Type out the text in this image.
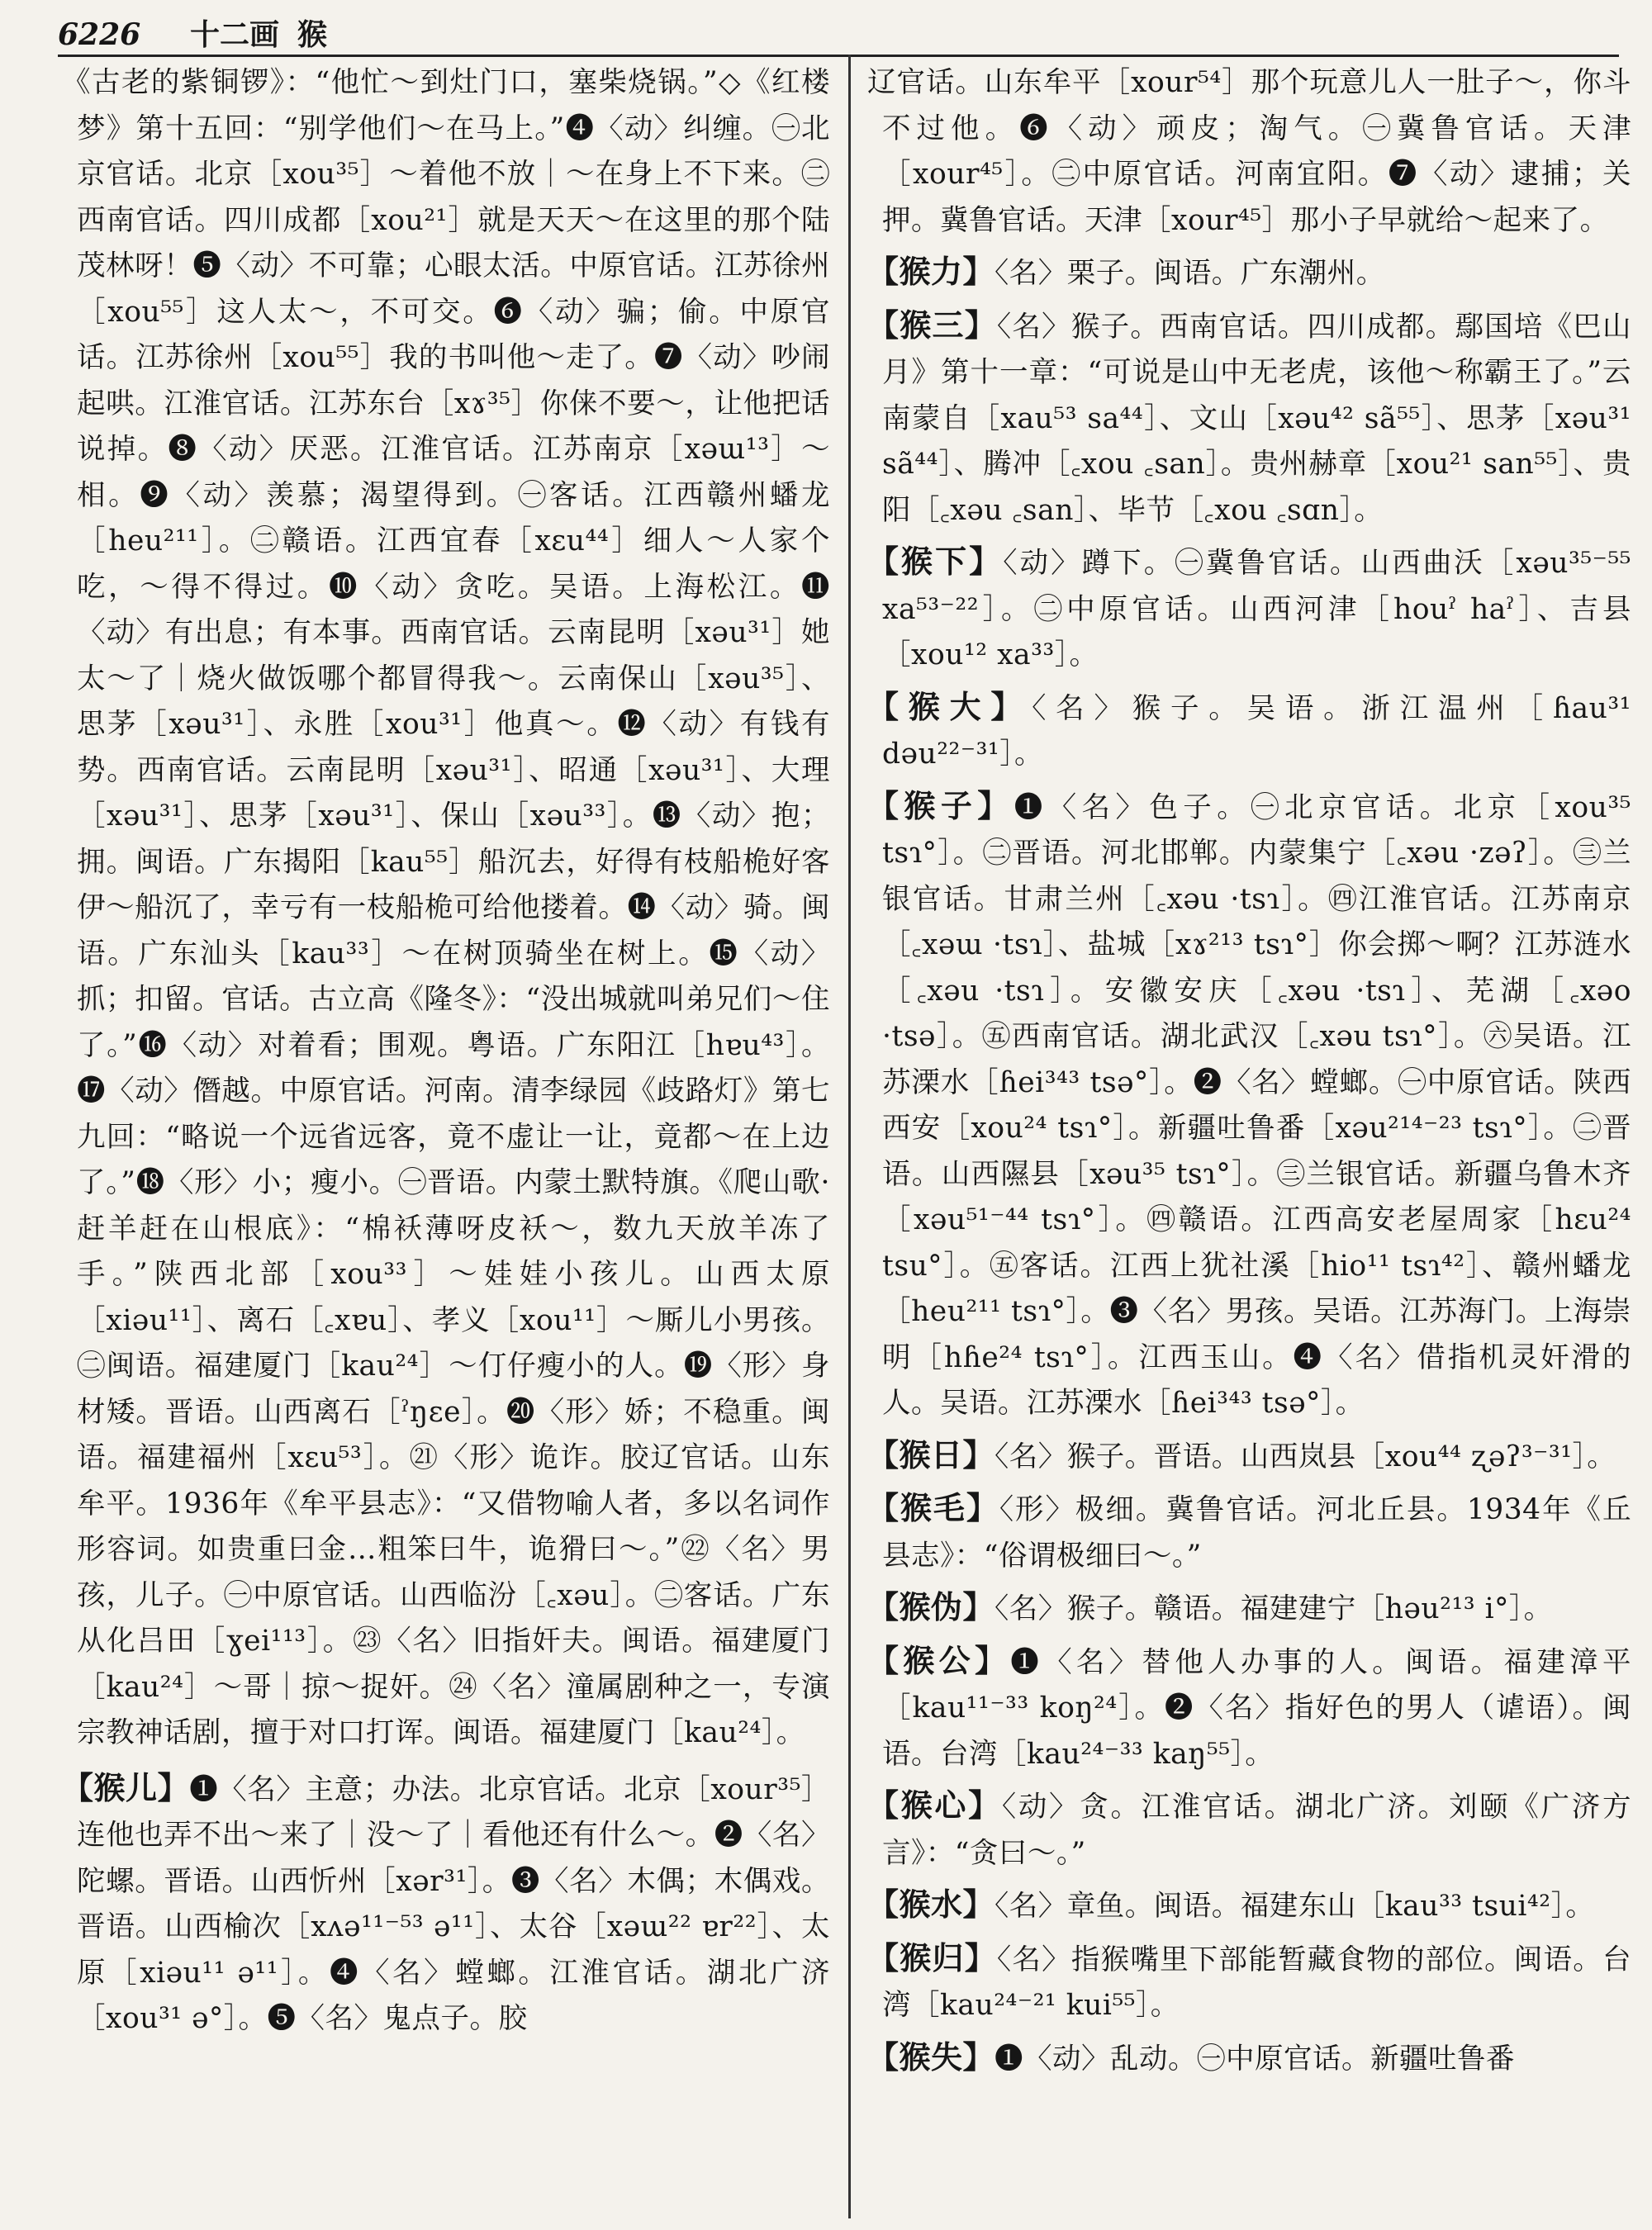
6226	十二画 猴

《古老的紫铜锣》：“他忙～到灶门口，塞柴烧锅。”◇《红楼梦》第十五回：“别学他们～在马上。”❹〈动〉纠缠。㊀北京官话。北京［xou³⁵］～着他不放｜～在身上不下来。㊁西南官话。四川成都［xou²¹］就是天天～在这里的那个陆茂林呀！❺〈动〉不可靠；心眼太活。中原官话。江苏徐州［xou⁵⁵］这人太～，不可交。❻〈动〉骗；偷。中原官话。江苏徐州［xou⁵⁵］我的书叫他～走了。❼〈动〉吵闹起哄。江淮官话。江苏东台［xɤ³⁵］你俫不要～，让他把话说掉。❽〈动〉厌恶。江淮官话。江苏南京［xəɯ¹³］～相。❾〈动〉羡慕；渴望得到。㊀客话。江西赣州蟠龙［heu²¹¹］。㊁赣语。江西宜春［xɛu⁴⁴］细人～人家个吃，～得不得过。❿〈动〉贪吃。吴语。上海松江。⓫〈动〉有出息；有本事。西南官话。云南昆明［xəu³¹］她太～了｜烧火做饭哪个都冒得我～。云南保山［xəu³⁵］、思茅［xəu³¹］、永胜［xou³¹］他真～。⓬〈动〉有钱有势。西南官话。云南昆明［xəu³¹］、昭通［xəu³¹］、大理［xəu³¹］、思茅［xəu³¹］、保山［xəu³³］。⓭〈动〉抱；拥。闽语。广东揭阳［kau⁵⁵］船沉去，好得有枝船桅好客伊～船沉了，幸亏有一枝船桅可给他搂着。⓮〈动〉骑。闽语。广东汕头［kau³³］～在树顶骑坐在树上。⓯〈动〉抓；扣留。官话。古立高《隆冬》：“没出城就叫弟兄们～住了。”⓰〈动〉对着看；围观。粤语。广东阳江［hɐu⁴³］。⓱〈动〉僭越。中原官话。河南。清李绿园《歧路灯》第七九回：“略说一个远省远客，竟不虚让一让，竟都～在上边了。”⓲〈形〉小；瘦小。㊀晋语。内蒙土默特旗。《爬山歌·赶羊赶在山根底》：“棉袄薄呀皮袄～，数九天放羊冻了手。”陕西北部［xou³³］～娃娃小孩儿。山西太原［xiəu¹¹］、离石［꜀xɐu］、孝义［xou¹¹］～厮儿小男孩。㊁闽语。福建厦门［kau²⁴］～仃仔瘦小的人。⓳〈形〉身材矮。晋语。山西离石［ˀŋɛe］。⓴〈形〉娇；不稳重。闽语。福建福州［xɛu⁵³］。㉑〈形〉诡诈。胶辽官话。山东牟平。1936年《牟平县志》：“又借物喻人者，多以名词作形容词。如贵重曰金…粗笨曰牛，诡猾曰～。”㉒〈名〉男孩，儿子。㊀中原官话。山西临汾［꜀xəu］。㊁客话。广东从化吕田［ɣei¹¹³］。㉓〈名〉旧指奸夫。闽语。福建厦门［kau²⁴］～哥｜掠～捉奸。㉔〈名〉潼属剧种之一，专演宗教神话剧，擅于对口打诨。闽语。福建厦门［kau²⁴］。

【猴儿】❶〈名〉主意；办法。北京官话。北京［xour³⁵］连他也弄不出～来了｜没～了｜看他还有什么～。❷〈名〉陀螺。晋语。山西忻州［xər³¹］。❸〈名〉木偶；木偶戏。晋语。山西榆次［xʌə¹¹⁻⁵³ ə¹¹］、太谷［xəɯ²² ɐr²²］、太原［xiəu¹¹ ə¹¹］。❹〈名〉螳螂。江淮官话。湖北广济［xou³¹ ə°］。❺〈名〉鬼点子。胶

辽官话。山东牟平［xour⁵⁴］那个玩意儿人一肚子～，你斗不过他。❻〈动〉顽皮；淘气。㊀冀鲁官话。天津［xour⁴⁵］。㊁中原官话。河南宜阳。❼〈动〉逮捕；关押。冀鲁官话。天津［xour⁴⁵］那小子早就给～起来了。

【猴力】〈名〉栗子。闽语。广东潮州。

【猴三】〈名〉猴子。西南官话。四川成都。鄢国培《巴山月》第十一章：“可说是山中无老虎，该他～称霸王了。”云南蒙自［xau⁵³ sa⁴⁴］、文山［xəu⁴² sã⁵⁵］、思茅［xəu³¹ sã⁴⁴］、腾冲［꜀xou ꜀san］。贵州赫章［xou²¹ san⁵⁵］、贵阳［꜀xəu ꜀san］、毕节［꜀xou ꜀sɑn］。

【猴下】〈动〉蹲下。㊀冀鲁官话。山西曲沃［xəu³⁵⁻⁵⁵ xa⁵³⁻²²］。㊁中原官话。山西河津［houˀ haˀ］、吉县［xou¹² xa³³］。

【猴大】〈名〉猴子。吴语。浙江温州［ɦau³¹ dəu²²⁻³¹］。

【猴子】❶〈名〉色子。㊀北京官话。北京［xou³⁵ tsɿ°］。㊁晋语。河北邯郸。内蒙集宁［꜀xəu ·zəʔ］。㊂兰银官话。甘肃兰州［꜀xəu ·tsɿ］。㊃江淮官话。江苏南京［꜀xəɯ ·tsɿ］、盐城［xɤ²¹³ tsɿ°］你会掷～啊？江苏涟水［꜀xəu ·tsɿ］。安徽安庆［꜀xəu ·tsɿ］、芜湖［꜀xəo ·tsə］。㊄西南官话。湖北武汉［꜀xəu tsɿ°］。㊅吴语。江苏溧水［ɦei³⁴³ tsə°］。❷〈名〉螳螂。㊀中原官话。陕西西安［xou²⁴ tsɿ°］。新疆吐鲁番［xəu²¹⁴⁻²³ tsɿ°］。㊁晋语。山西隰县［xəu³⁵ tsɿ°］。㊂兰银官话。新疆乌鲁木齐［xəu⁵¹⁻⁴⁴ tsɿ°］。㊃赣语。江西高安老屋周家［hɛu²⁴ tsu°］。㊄客话。江西上犹社溪［hio¹¹ tsɿ⁴²］、赣州蟠龙［heu²¹¹ tsɿ°］。❸〈名〉男孩。吴语。江苏海门。上海崇明［hɦe²⁴ tsɿ°］。江西玉山。❹〈名〉借指机灵奸滑的人。吴语。江苏溧水［ɦei³⁴³ tsə°］。

【猴日】〈名〉猴子。晋语。山西岚县［xou⁴⁴ ʐəʔ³⁻³¹］。

【猴毛】〈形〉极细。冀鲁官话。河北丘县。1934年《丘县志》：“俗谓极细曰～。”

【猴伪】〈名〉猴子。赣语。福建建宁［həu²¹³ i°］。

【猴公】❶〈名〉替他人办事的人。闽语。福建漳平［kau¹¹⁻³³ koŋ²⁴］。❷〈名〉指好色的男人（谑语）。闽语。台湾［kau²⁴⁻³³ kaŋ⁵⁵］。

【猴心】〈动〉贪。江淮官话。湖北广济。刘颐《广济方言》：“贪曰～。”

【猴水】〈名〉章鱼。闽语。福建东山［kau³³ tsui⁴²］。

【猴归】〈名〉指猴嘴里下部能暂藏食物的部位。闽语。台湾［kau²⁴⁻²¹ kui⁵⁵］。

【猴失】❶〈动〉乱动。㊀中原官话。新疆吐鲁番
